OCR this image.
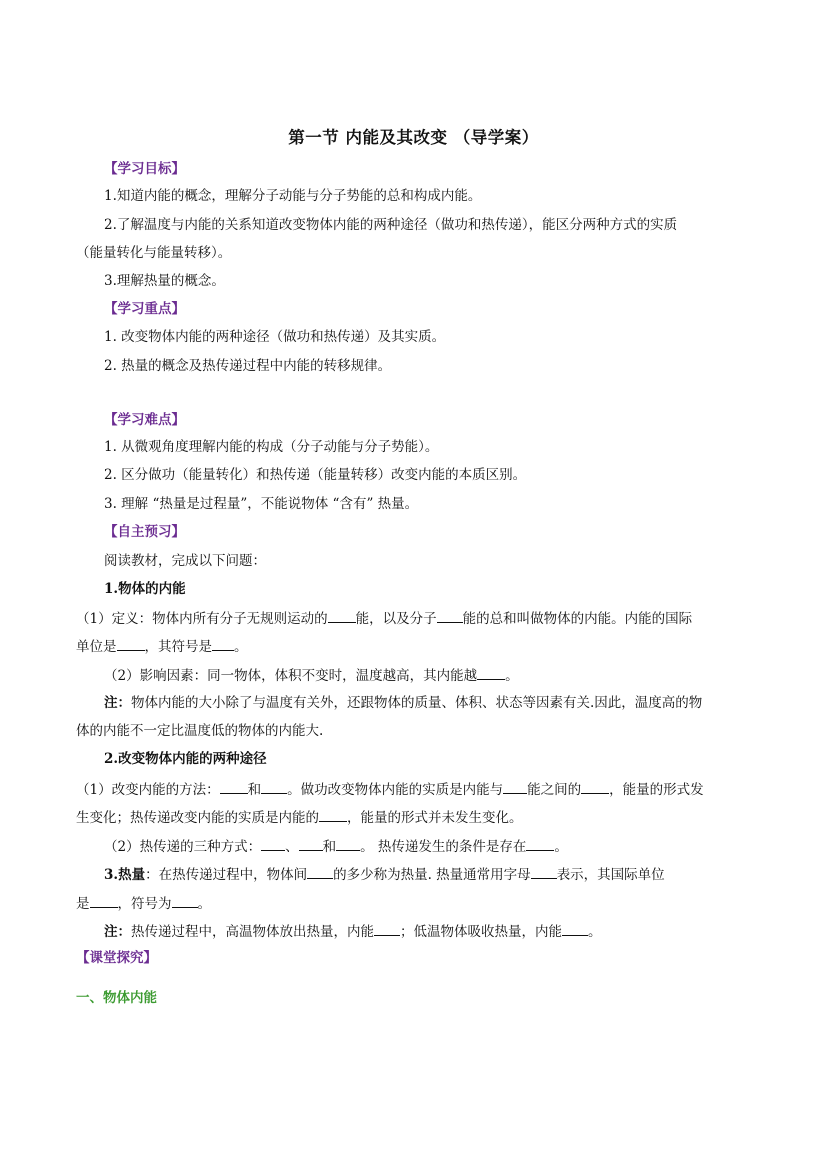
第一节 内能及其改变 （导学案）
【学习目标】
1.知道内能的概念，理解分子动能与分子势能的总和构成内能。
2.了解温度与内能的关系知道改变物体内能的两种途径（做功和热传递），能区分两种方式的实质
（能量转化与能量转移）。
3.理解热量的概念。
【学习重点】
1. 改变物体内能的两种途径（做功和热传递）及其实质。
2. 热量的概念及热传递过程中内能的转移规律。
【学习难点】
1. 从微观角度理解内能的构成（分子动能与分子势能）。
2. 区分做功（能量转化）和热传递（能量转移）改变内能的本质区别。
3. 理解 “热量是过程量”，不能说物体 “含有” 热量。
【自主预习】
阅读教材，完成以下问题：
1.物体的内能
（1）定义：物体内所有分子无规则运动的 能，以及分子 能的总和叫做物体的内能。内能的国际
单位是 ，其符号是 。
（2）影响因素：同一物体，体积不变时，温度越高，其内能越 。
注：物体内能的大小除了与温度有关外，还跟物体的质量、体积、状态等因素有关.因此，温度高的物
体的内能不一定比温度低的物体的内能大.
2.改变物体内能的两种途径
（1）改变内能的方法： 和 。做功改变物体内能的实质是内能与 能之间的 ，能量的形式发
生变化；热传递改变内能的实质是内能的 ，能量的形式并未发生变化。
（2）热传递的三种方式： 、 和 。 热传递发生的条件是存在 。
3.热量：在热传递过程中，物体间 的多少称为热量. 热量通常用字母 表示，其国际单位
是 ，符号为 。
注：热传递过程中，高温物体放出热量，内能 ；低温物体吸收热量，内能 。
【课堂探究】
一、物体内能
